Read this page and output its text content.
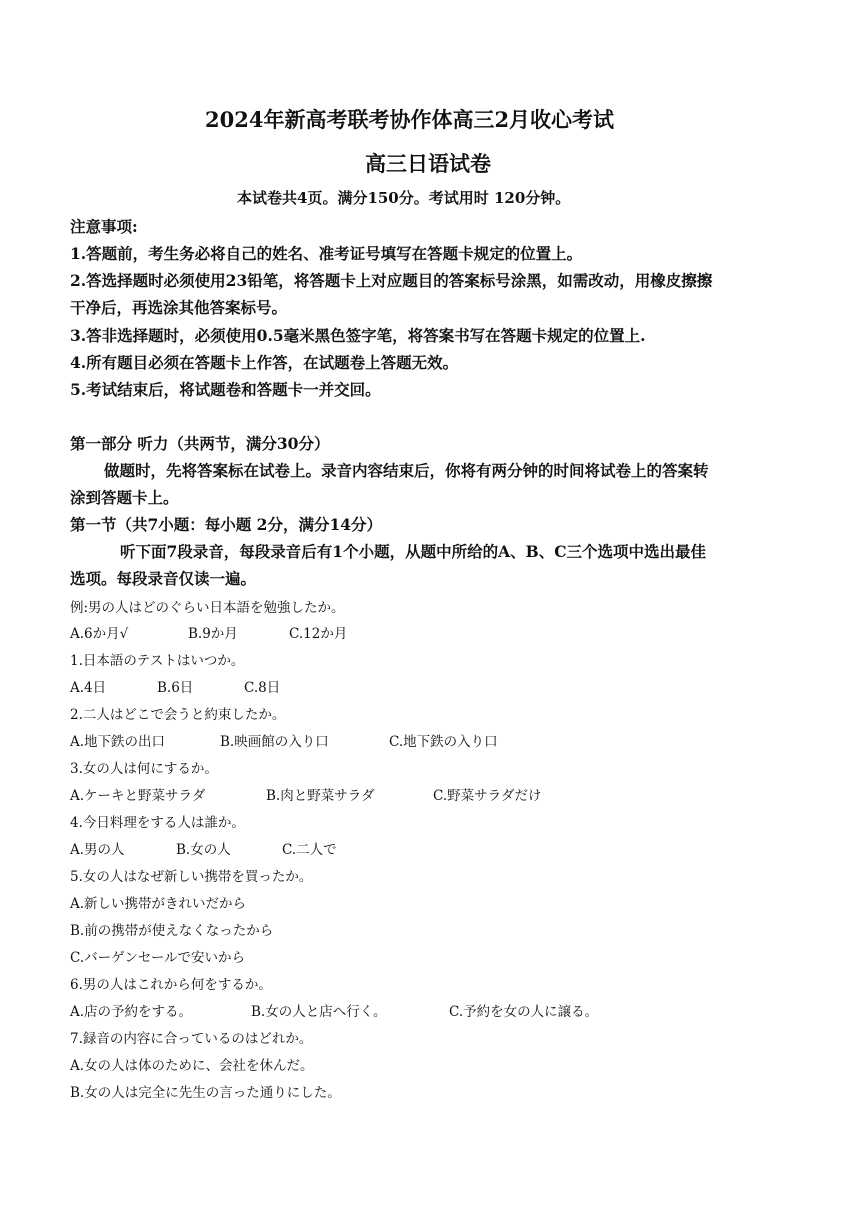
2024年新高考联考协作体高三2月收心考试
高三日语试卷
本试卷共4页。满分150分。考试用时 120分钟。
注意事项:
1.答题前，考生务必将自己的姓名、准考证号填写在答题卡规定的位置上。
2.答选择题时必须使用23铅笔，将答题卡上对应题目的答案标号涂黑，如需改动，用橡皮擦擦
干净后，再选涂其他答案标号。
3.答非选择题时，必须使用0.5毫米黑色签字笔，将答案书写在答题卡规定的位置上.
4.所有题目必须在答题卡上作答，在试题卷上答题无效。
5.考试结束后，将试题卷和答题卡一并交回。
第一部分 听力（共两节，满分30分）
做题时，先将答案标在试卷上。录音内容结束后，你将有两分钟的时间将试卷上的答案转
涂到答题卡上。
第一节（共7小题：每小题 2分，满分14分）
听下面7段录音，每段录音后有1个小题，从题中所给的A、B、C三个选项中选出最佳
选项。每段录音仅读一遍。
例:男の人はどのぐらい日本語を勉強したか。
A.6か月√	B.9か月	C.12か月
1.日本語のテストはいつか。
A.4日	B.6日	C.8日
2.二人はどこで会うと約束したか。
A.地下鉄の出口	B.映画館の入り口	C.地下鉄の入り口
3.女の人は何にするか。
A.ケーキと野菜サラダ	B.肉と野菜サラダ	C.野菜サラダだけ
4.今日料理をする人は誰か。
A.男の人	B.女の人	C.二人で
5.女の人はなぜ新しい携帯を買ったか。
A.新しい携帯がきれいだから
B.前の携帯が使えなくなったから
C.バーゲンセールで安いから
6.男の人はこれから何をするか。
A.店の予約をする。	B.女の人と店へ行く。	C.予約を女の人に譲る。
7.録音の内容に合っているのはどれか。
A.女の人は体のために、会社を休んだ。
B.女の人は完全に先生の言った通りにした。
